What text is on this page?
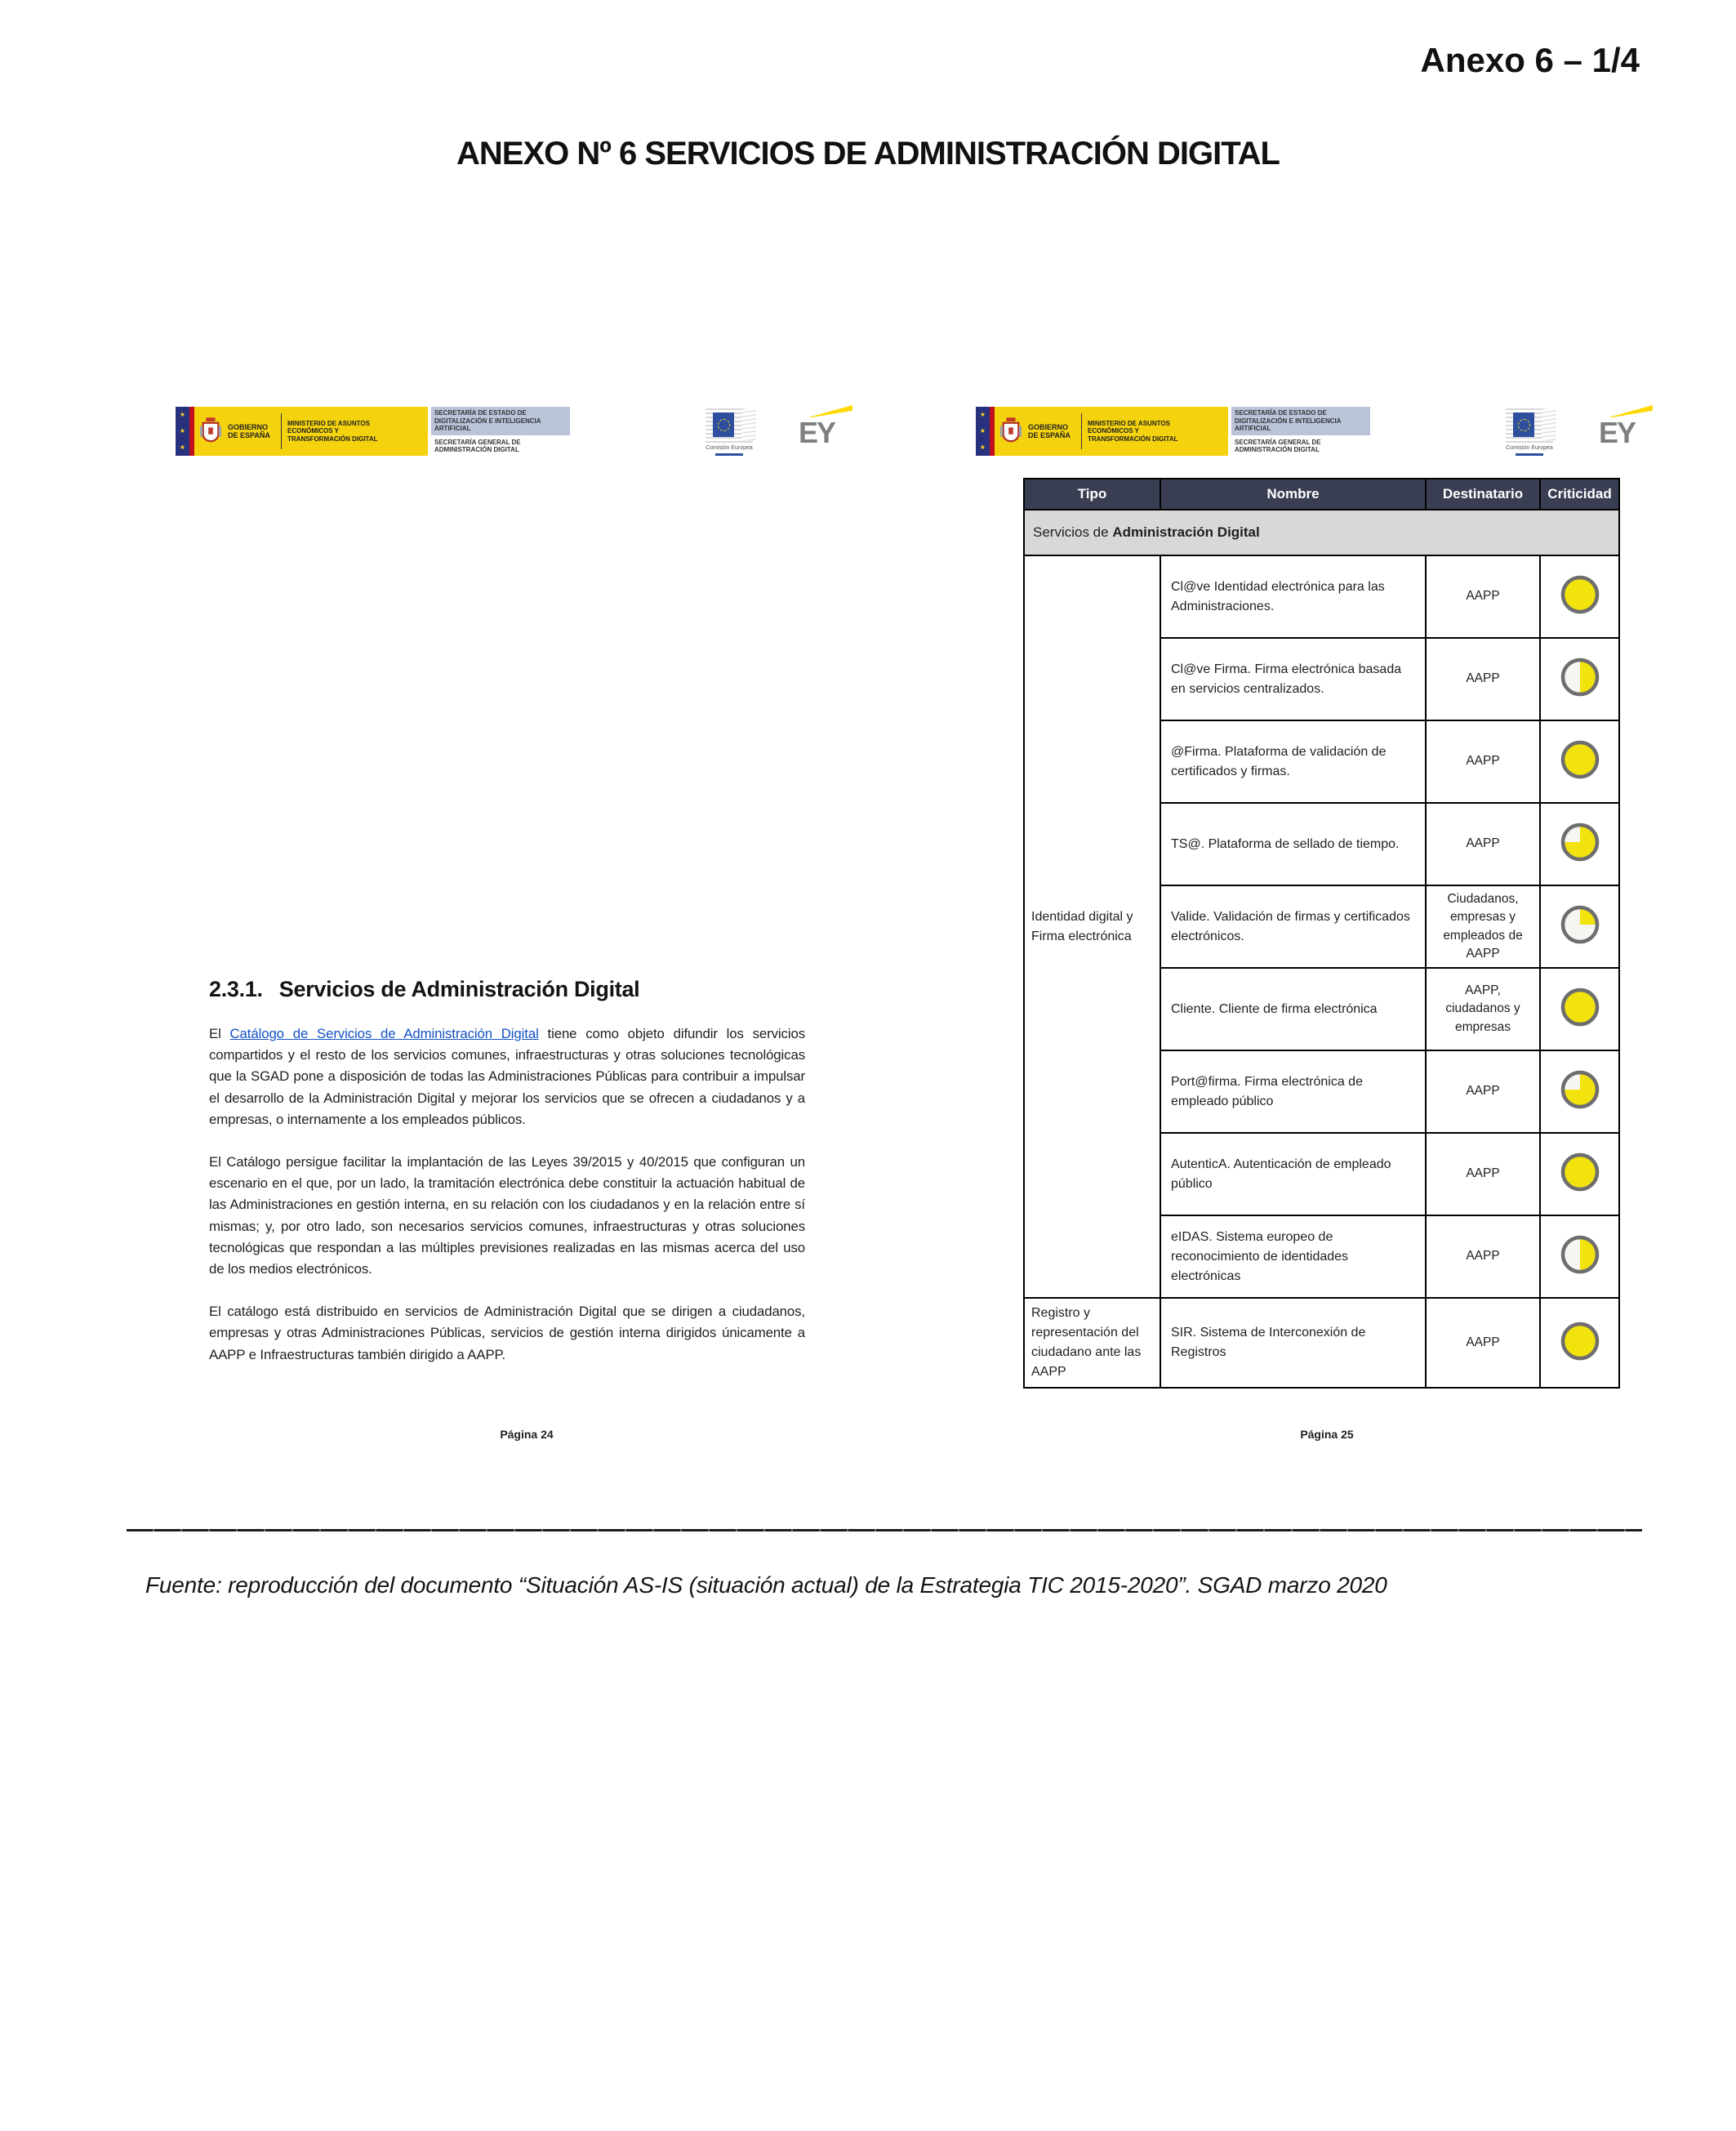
Anexo 6 – 1/4
ANEXO Nº 6 SERVICIOS DE ADMINISTRACIÓN DIGITAL
★
★
★
GOBIERNO DE ESPAÑA
MINISTERIO DE ASUNTOS ECONÓMICOS Y TRANSFORMACIÓN DIGITAL
SECRETARÍA DE ESTADO DE DIGITALIZACIÓN E INTELIGENCIA ARTIFICIAL
SECRETARÍA GENERAL DE ADMINISTRACIÓN DIGITAL	Comisión Europea EY
2.3.1. Servicios de Administración Digital

El Catálogo de Servicios de Administración Digital tiene como objeto difundir los servicios compartidos y el resto de los servicios comunes, infraestructuras y otras soluciones tecnológicas que la SGAD pone a disposición de todas las Administraciones Públicas para contribuir a impulsar el desarrollo de la Administración Digital y mejorar los servicios que se ofrecen a ciudadanos y a empresas, o internamente a los empleados públicos.

El Catálogo persigue facilitar la implantación de las Leyes 39/2015 y 40/2015 que configuran un escenario en el que, por un lado, la tramitación electrónica debe constituir la actuación habitual de las Administraciones en gestión interna, en su relación con los ciudadanos y en la relación entre sí mismas; y, por otro lado, son necesarios servicios comunes, infraestructuras y otras soluciones tecnológicas que respondan a las múltiples previsiones realizadas en las mismas acerca del uso de los medios electrónicos.

El catálogo está distribuido en servicios de Administración Digital que se dirigen a ciudadanos, empresas y otras Administraciones Públicas, servicios de gestión interna dirigidos únicamente a AAPP e Infraestructuras también dirigido a AAPP.

Página 24
★
★
★
GOBIERNO DE ESPAÑA
MINISTERIO DE ASUNTOS ECONÓMICOS Y TRANSFORMACIÓN DIGITAL
SECRETARÍA DE ESTADO DE DIGITALIZACIÓN E INTELIGENCIA ARTIFICIAL
SECRETARÍA GENERAL DE ADMINISTRACIÓN DIGITAL	Comisión Europea EY
Tipo	Nombre	Destinatario	Criticidad
Servicios de Administración Digital			
Identidad digital y Firma electrónica	Cl@ve Identidad electrónica para las Administraciones.	AAPP	
	Cl@ve Firma. Firma electrónica basada en servicios centralizados.	AAPP	
	@Firma. Plataforma de validación de certificados y firmas.	AAPP	
	TS@. Plataforma de sellado de tiempo.	AAPP	
	Valide. Validación de firmas y certificados electrónicos.	Ciudadanos, empresas y empleados de AAPP	
	Cliente. Cliente de firma electrónica	AAPP, ciudadanos y empresas	
	Port@firma. Firma electrónica de empleado público	AAPP	
	AutenticA. Autenticación de empleado público	AAPP	
	eIDAS. Sistema europeo de reconocimiento de identidades electrónicas	AAPP	
Registro y representación del ciudadano ante las AAPP	SIR. Sistema de Interconexión de Registros	AAPP	
Página 25

Fuente: reproducción del documento “Situación AS-IS (situación actual) de la Estrategia TIC 2015-2020”. SGAD marzo 2020
